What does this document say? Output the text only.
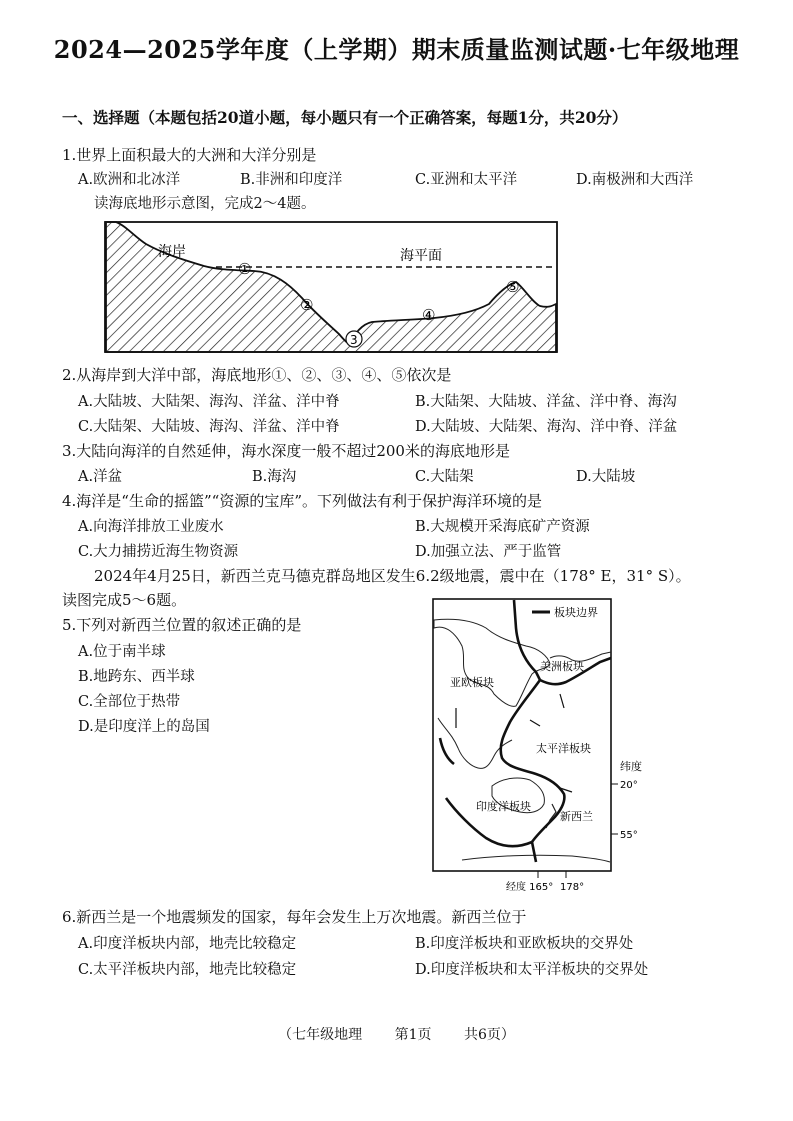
2024—2025学年度（上学期）期末质量监测试题·七年级地理
一、选择题（本题包括20道小题，每小题只有一个正确答案，每题1分，共20分）
1.世界上面积最大的大洲和大洋分别是
A.欧洲和北冰洋	B.非洲和印度洋	C.亚洲和太平洋	D.南极洲和大西洋
读海底地形示意图，完成2～4题。
海岸	海平面
①
②
3
④
⑤
2.从海岸到大洋中部，海底地形①、②、③、④、⑤依次是
A.大陆坡、大陆架、海沟、洋盆、洋中脊	B.大陆架、大陆坡、洋盆、洋中脊、海沟
C.大陆架、大陆坡、海沟、洋盆、洋中脊	D.大陆坡、大陆架、海沟、洋中脊、洋盆
3.大陆向海洋的自然延伸，海水深度一般不超过200米的海底地形是
A.洋盆	B.海沟	C.大陆架	D.大陆坡
4.海洋是“生命的摇篮”“资源的宝库”。下列做法有利于保护海洋环境的是
A.向海洋排放工业废水	B.大规模开采海底矿产资源
C.大力捕捞近海生物资源	D.加强立法、严于监管
2024年4月25日，新西兰克马德克群岛地区发生6.2级地震，震中在（178° E，31° S）。
读图完成5～6题。
5.下列对新西兰位置的叙述正确的是
A.位于南半球
B.地跨东、西半球
C.全部位于热带
D.是印度洋上的岛国
板块边界
亚欧板块
美洲板块
太平洋板块
印度洋板块
新西兰
纬度
20°
55°
经度 165° 178°
6.新西兰是一个地震频发的国家，每年会发生上万次地震。新西兰位于
A.印度洋板块内部，地壳比较稳定	B.印度洋板块和亚欧板块的交界处
C.太平洋板块内部，地壳比较稳定	D.印度洋板块和太平洋板块的交界处
（七年级地理 第1页 共6页）
